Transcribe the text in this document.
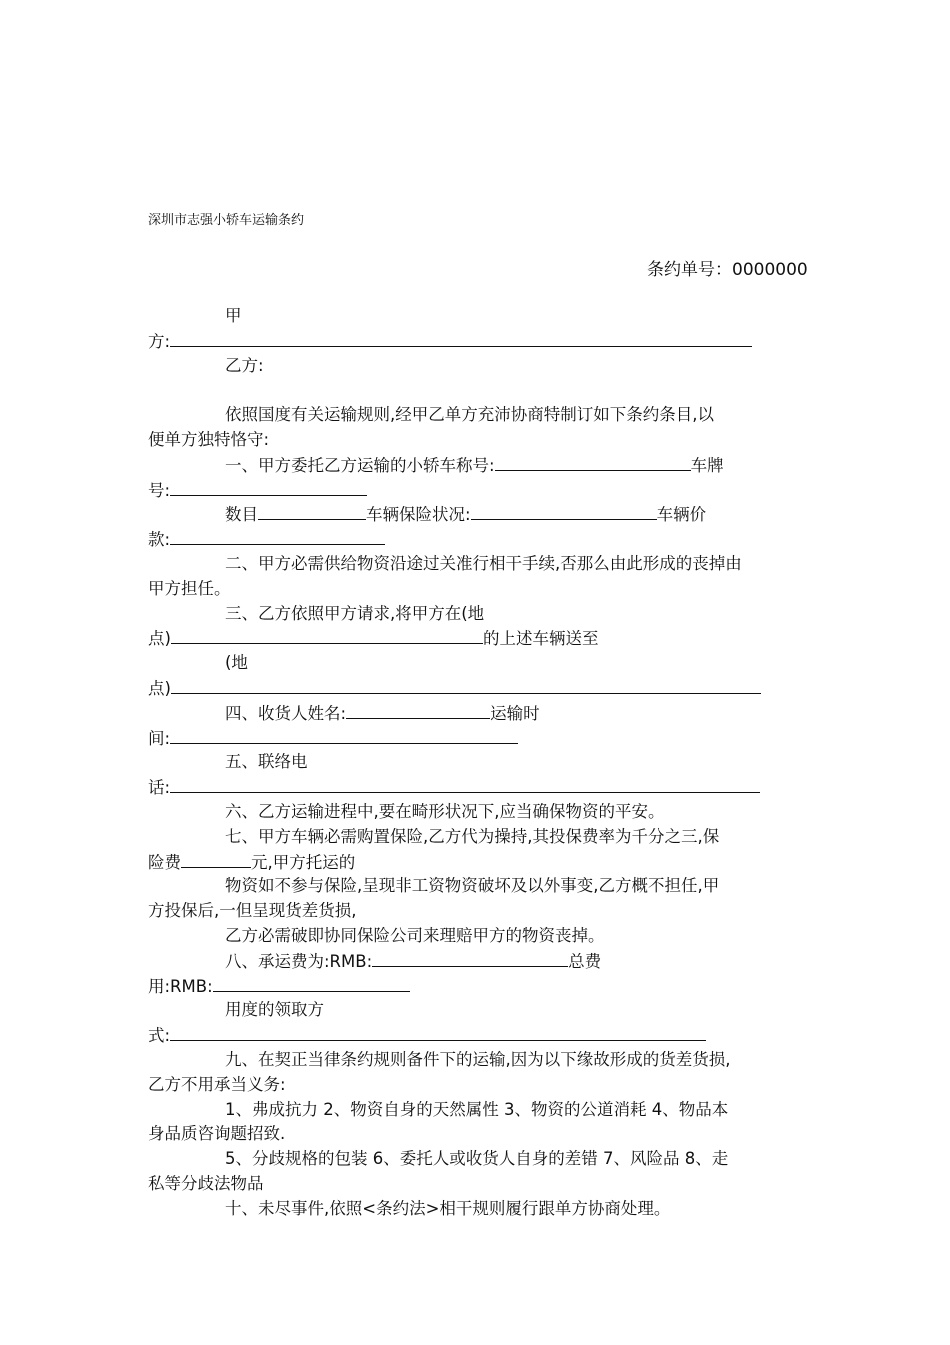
深圳市志强小轿车运输条约
条约单号：0000000
甲
方:
乙方:
依照国度有关运输规则,经甲乙单方充沛协商特制订如下条约条目,以
便单方独特恪守:
一、甲方委托乙方运输的小轿车称号:	车牌
号:
数目	车辆保险状况:	车辆价
款:
二、甲方必需供给物资沿途过关准行相干手续,否那么由此形成的丧掉由
甲方担任。
三、乙方依照甲方请求,将甲方在(地
点)	的上述车辆送至
(地
点)
四、收货人姓名:	运输时
间:
五、联络电
话:
六、乙方运输进程中,要在畸形状况下,应当确保物资的平安。
七、甲方车辆必需购置保险,乙方代为操持,其投保费率为千分之三,保
险费	元,甲方托运的
物资如不参与保险,呈现非工资物资破坏及以外事变,乙方概不担任,甲
方投保后,一但呈现货差货损,
乙方必需破即协同保险公司来理赔甲方的物资丧掉。
八、承运费为:RMB:	总费
用:RMB:
用度的领取方
式:
九、在契正当律条约规则备件下的运输,因为以下缘故形成的货差货损,
乙方不用承当义务:
1、弗成抗力 2、物资自身的天然属性 3、物资的公道消耗 4、物品本
身品质咨询题招致.
5、分歧规格的包装 6、委托人或收货人自身的差错 7、风险品 8、走
私等分歧法物品
十、未尽事件,依照<条约法>相干规则履行跟单方协商处理。
